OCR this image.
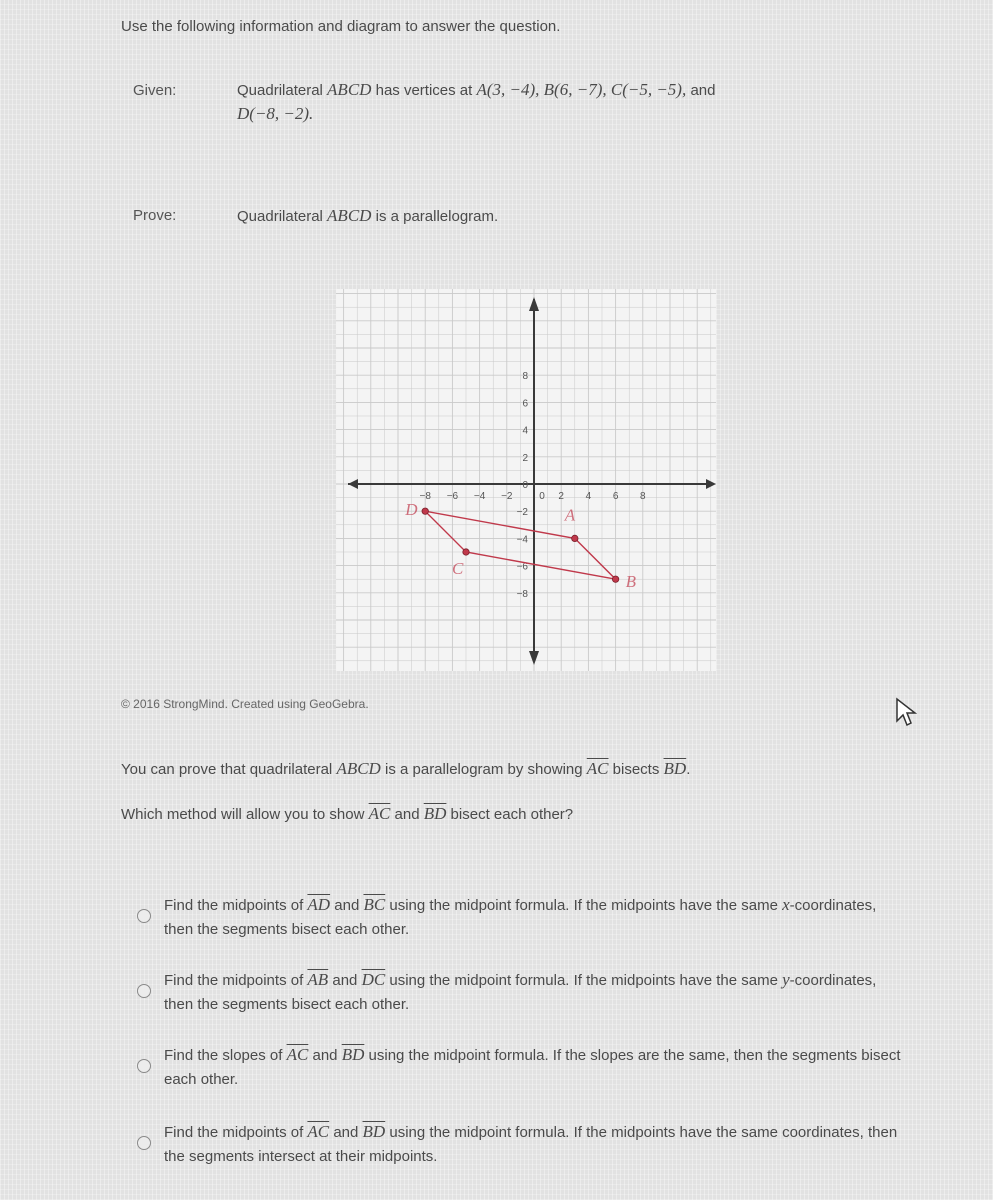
Use the following information and diagram to answer the question.
Given:	Quadrilateral ABCD has vertices at A(3, −4), B(6, −7), C(−5, −5), and
D(−8, −2).
Prove:	Quadrilateral ABCD is a parallelogram.
−8 −6 −4 −2	0 2 4 6 8
8
6
4
2
0
−2
−4
−6
−8
A
B
C
D
© 2016 StrongMind. Created using GeoGebra.
You can prove that quadrilateral ABCD is a parallelogram by showing $\overline{AC}$ bisects $\overline{BD}$.
Which method will allow you to show $\overline{AC}$ and $\overline{BD}$ bisect each other?
Find the midpoints of $\overline{AD}$ and $\overline{BC}$ using the midpoint formula. If the midpoints have the same x-coordinates, then the segments bisect each other.
Find the midpoints of $\overline{AB}$ and $\overline{DC}$ using the midpoint formula. If the midpoints have the same y-coordinates, then the segments bisect each other.
Find the slopes of $\overline{AC}$ and $\overline{BD}$ using the midpoint formula. If the slopes are the same, then the segments bisect each other.
Find the midpoints of $\overline{AC}$ and $\overline{BD}$ using the midpoint formula. If the midpoints have the same coordinates, then the segments intersect at their midpoints.
